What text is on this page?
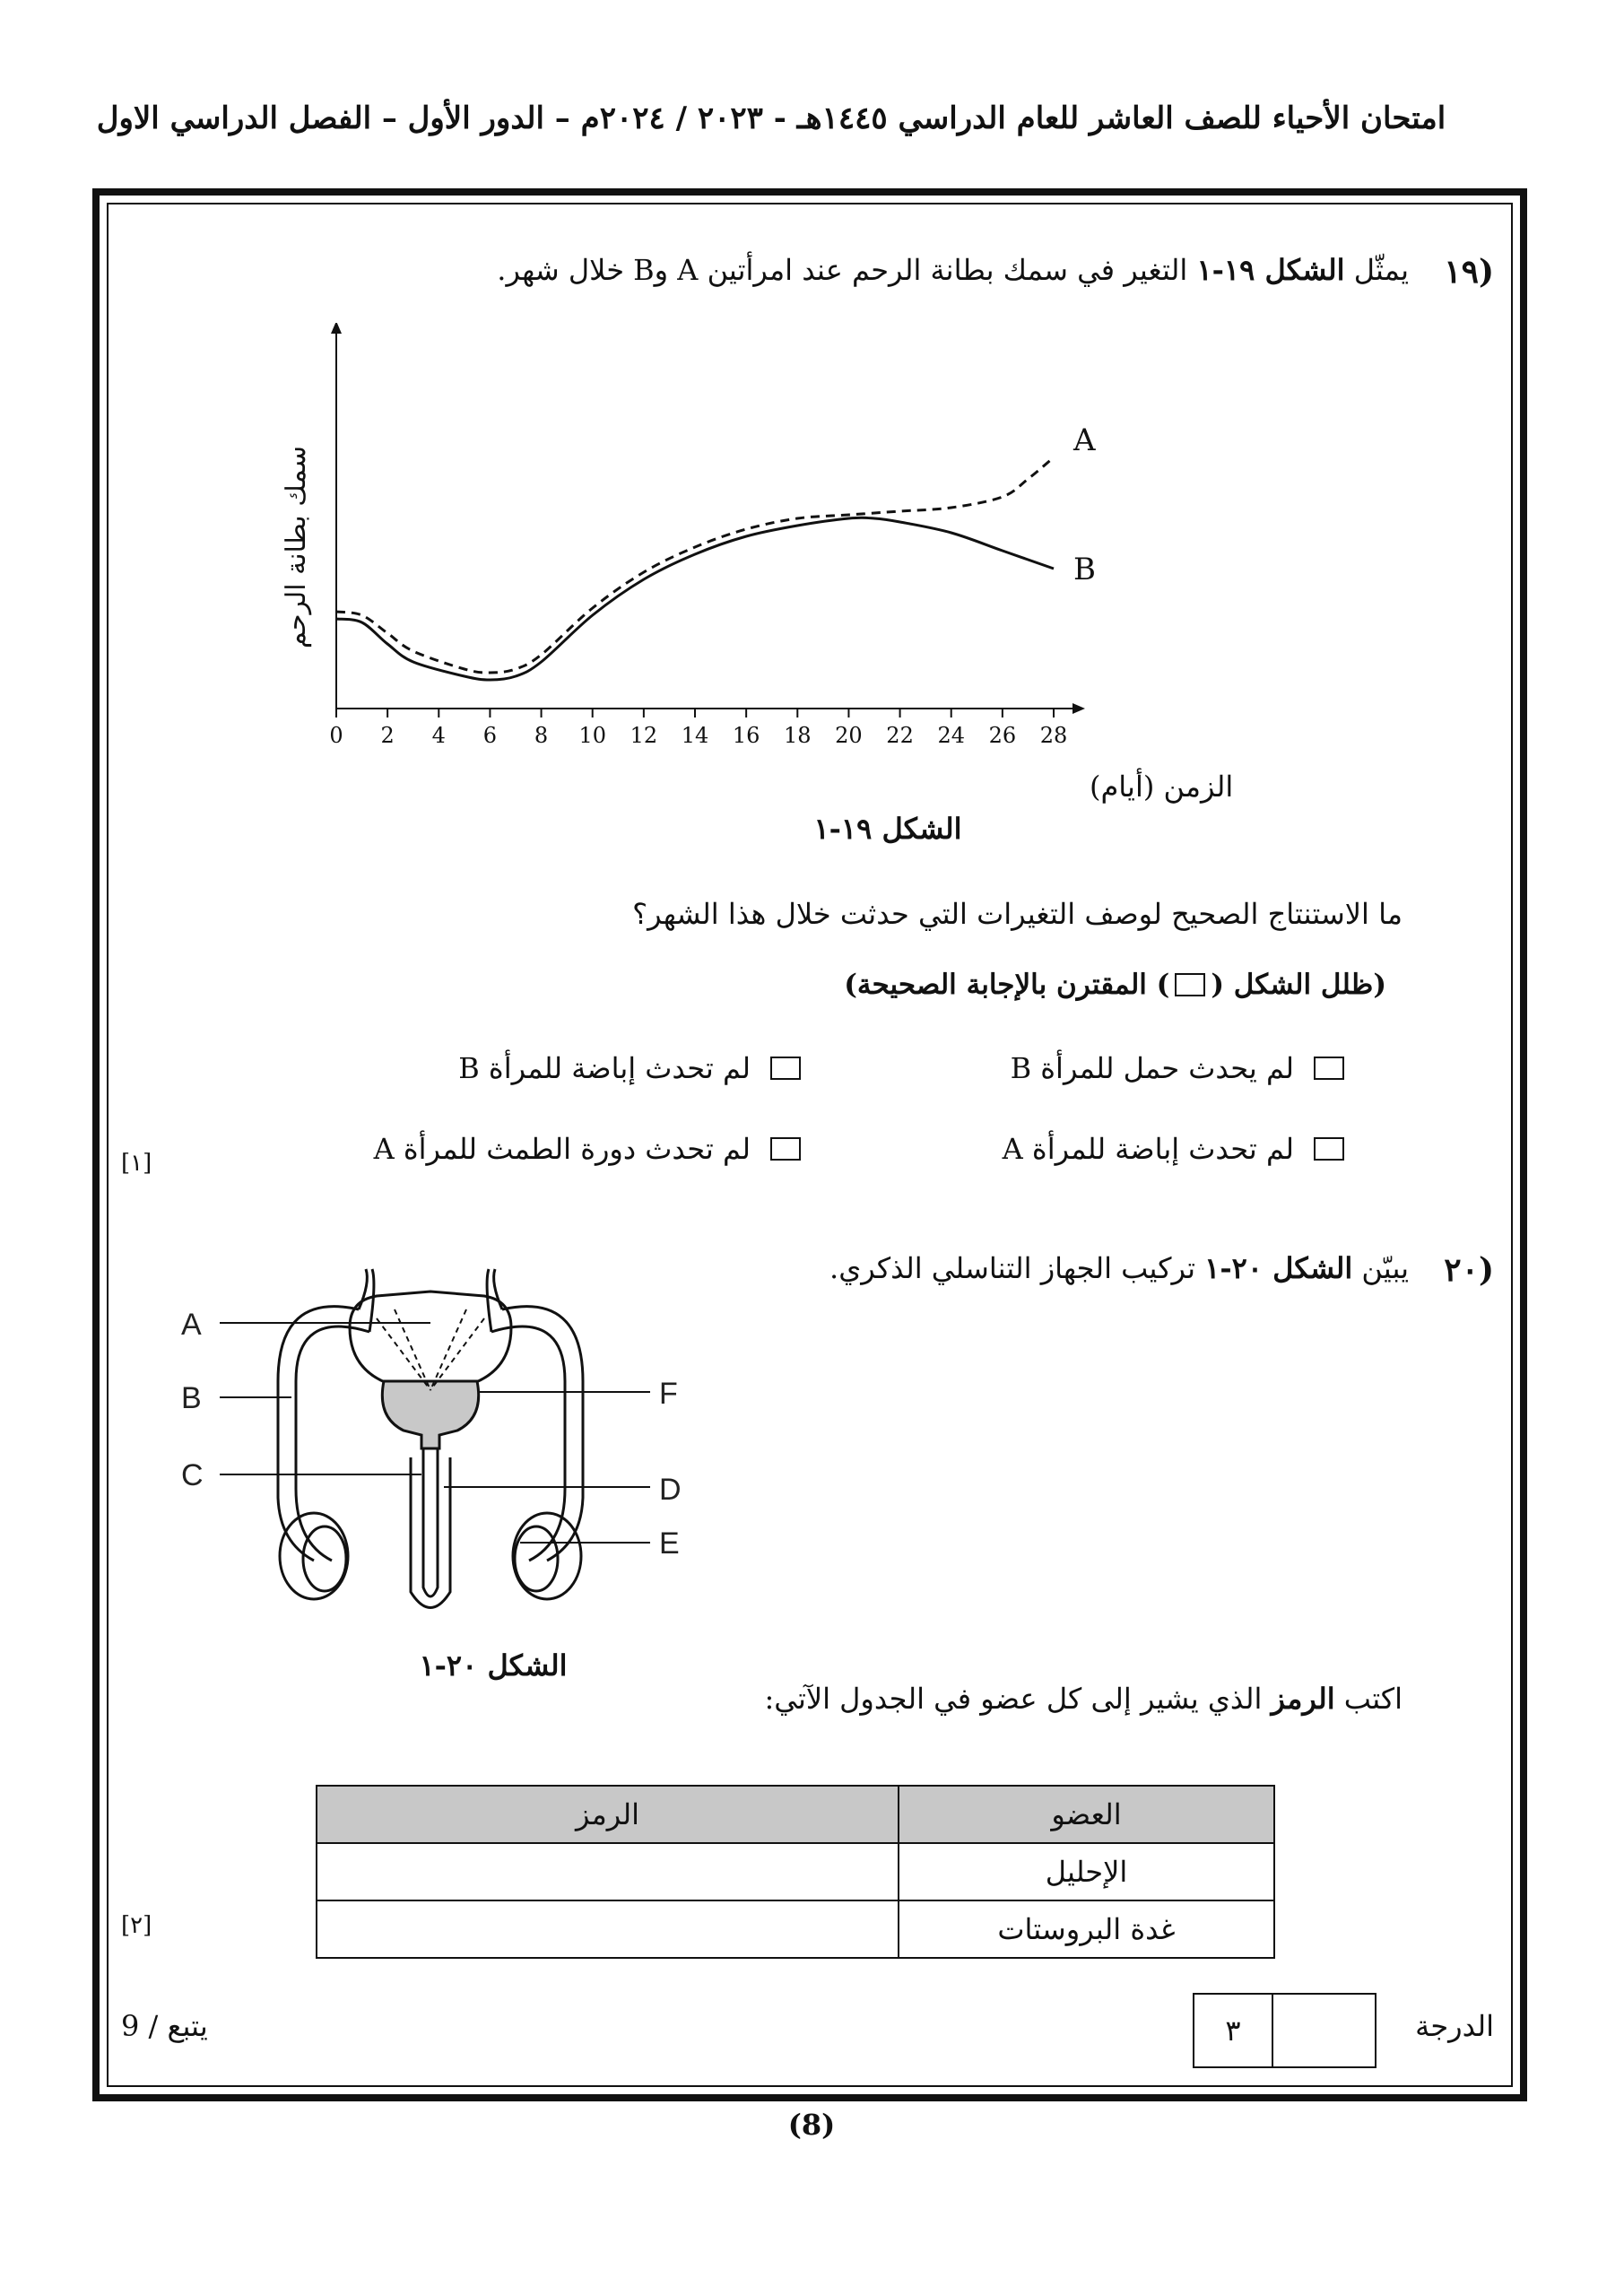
امتحان الأحياء للصف العاشر للعام الدراسي ١٤٤٥هـ - ٢٠٢٣ / ٢٠٢٤م – الدور الأول – الفصل الدراسي الاول
١٩)
يمثّل الشكل ١٩-١ التغير في سمك بطانة الرحم عند امرأتين A وB خلال شهر.
0 2 4 6 8 10 12 14 16 18 20 22 24 26 28
الزمن (أيام)
سمك بطانة الرحم
A
B
الشكل ١٩-١
ما الاستنتاج الصحيح لوصف التغيرات التي حدثت خلال هذا الشهر؟
(ظلل الشكل (
) المقترن بالإجابة الصحيحة)
لم يحدث حمل للمرأة B
لم تحدث إباضة للمرأة B
لم تحدث إباضة للمرأة A
لم تحدث دورة الطمث للمرأة A
[١]
٢٠)
يبيّن الشكل ٢٠-١ تركيب الجهاز التناسلي الذكري.
A
B
C	D
E
F
الشكل ٢٠-١
اكتب الرمز الذي يشير إلى كل عضو في الجدول الآتي:
العضو	الرمز
الإحليل	
غدة البروستات	
[٢]
الدرجة
٣
يتبع / 9
(8)
